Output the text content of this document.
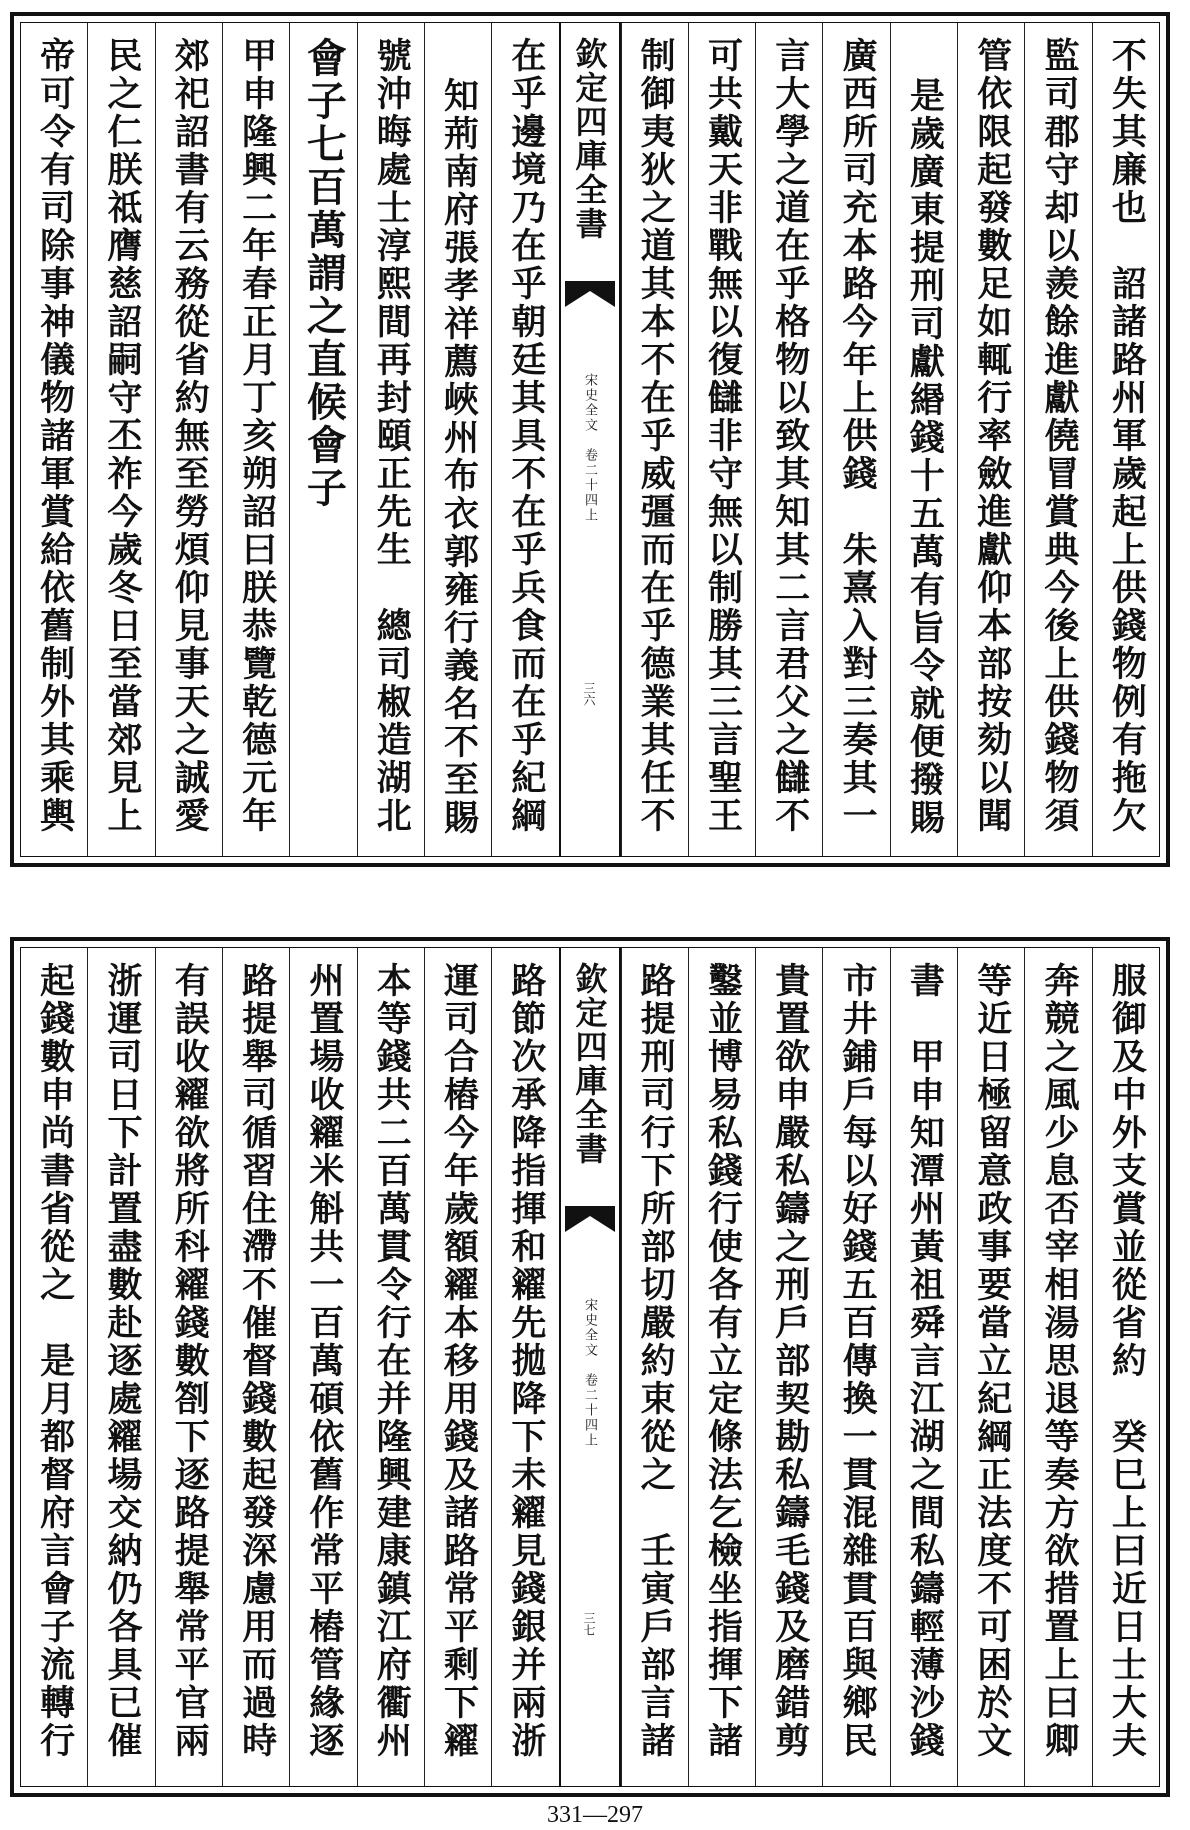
不失其廉也　詔諸路州軍歲起上供錢物例有拖欠
監司郡守却以羨餘進獻僥冒賞典今後上供錢物須
管依限起發數足如輒行率斂進獻仰本部按劾以聞
是歲廣東提刑司獻緡錢十五萬有旨令就便撥賜
廣西所司充本路今年上供錢　朱熹入對三奏其一
言大學之道在乎格物以致其知其二言君父之讎不
可共戴天非戰無以復讎非守無以制勝其三言聖王
制御夷狄之道其本不在乎威彊而在乎德業其任不
欽定四庫全書
宋史全文　卷二十四上
三六
在乎邊境乃在乎朝廷其具不在乎兵食而在乎紀綱
知荊南府張孝祥薦峽州布衣郭雍行義名不至賜
號沖晦處士淳熙間再封頤正先生　總司椒造湖北
會子七百萬謂之直候會子
甲申隆興二年春正月丁亥朔詔曰朕恭覽乾德元年
郊祀詔書有云務從省約無至勞煩仰見事天之誠愛
民之仁朕祗膺慈詔嗣守丕祚今歲冬日至當郊見上
帝可令有司除事神儀物諸軍賞給依舊制外其乘輿
服御及中外支賞並從省約　癸巳上曰近日士大夫
奔競之風少息否宰相湯思退等奏方欲措置上曰卿
等近日極留意政事要當立紀綱正法度不可困於文
書　甲申知潭州黃祖舜言江湖之間私鑄輕薄沙錢
市井鋪戶每以好錢五百傳換一貫混雜貫百與鄉民
貴置欲申嚴私鑄之刑戶部契勘私鑄毛錢及磨錯剪
鑿並博易私錢行使各有立定條法乞檢坐指揮下諸
路提刑司行下所部切嚴約束從之　壬寅戶部言諸
欽定四庫全書
宋史全文　卷二十四上
三七
路節次承降指揮和糴先拋降下未糴見錢銀并兩浙
運司合樁今年歲額糴本移用錢及諸路常平剩下糴
本等錢共二百萬貫令行在并隆興建康鎮江府衢州
州置場收糴米斛共一百萬碩依舊作常平樁管緣逐
路提舉司循習住滯不催督錢數起發深慮用而過時
有誤收糴欲將所科糴錢數劄下逐路提舉常平官兩
浙運司日下計置盡數赴逐處糴場交納仍各具已催
起錢數申尚書省從之　是月都督府言會子流轉行
331—297
